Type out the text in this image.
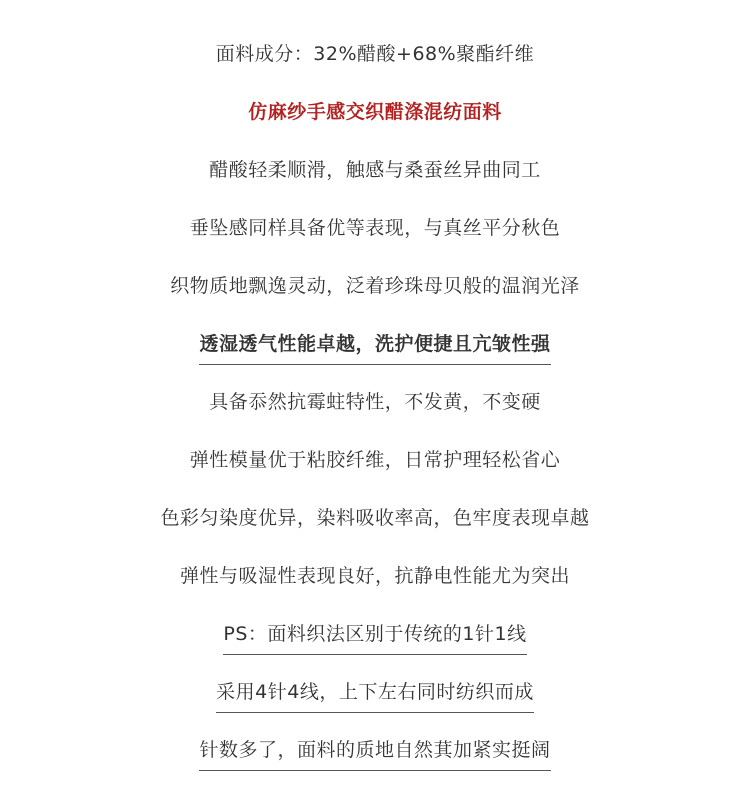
面料成分：32%醋酸+68%聚酯纤维
仿麻纱手感交织醋涤混纺面料
醋酸轻柔顺滑，触感与桑蚕丝异曲同工
垂坠感同样具备优等表现，与真丝平分秋色
织物质地飘逸灵动，泛着珍珠母贝般的温润光泽
透湿透气性能卓越，洗护便捷且亢皱性强
具备忝然抗霉蛀特性，不发黄，不变硬
弹性模量优于粘胶纤维，日常护理轻松省心
色彩匀染度优异，染料吸收率高，色牢度表现卓越
弹性与吸湿性表现良好，抗静电性能尤为突出
PS：面料织法区别于传统的1针1线
采用4针4线，上下左右同时纺织而成
针数多了，面料的质地自然萁加紧实挺阔
